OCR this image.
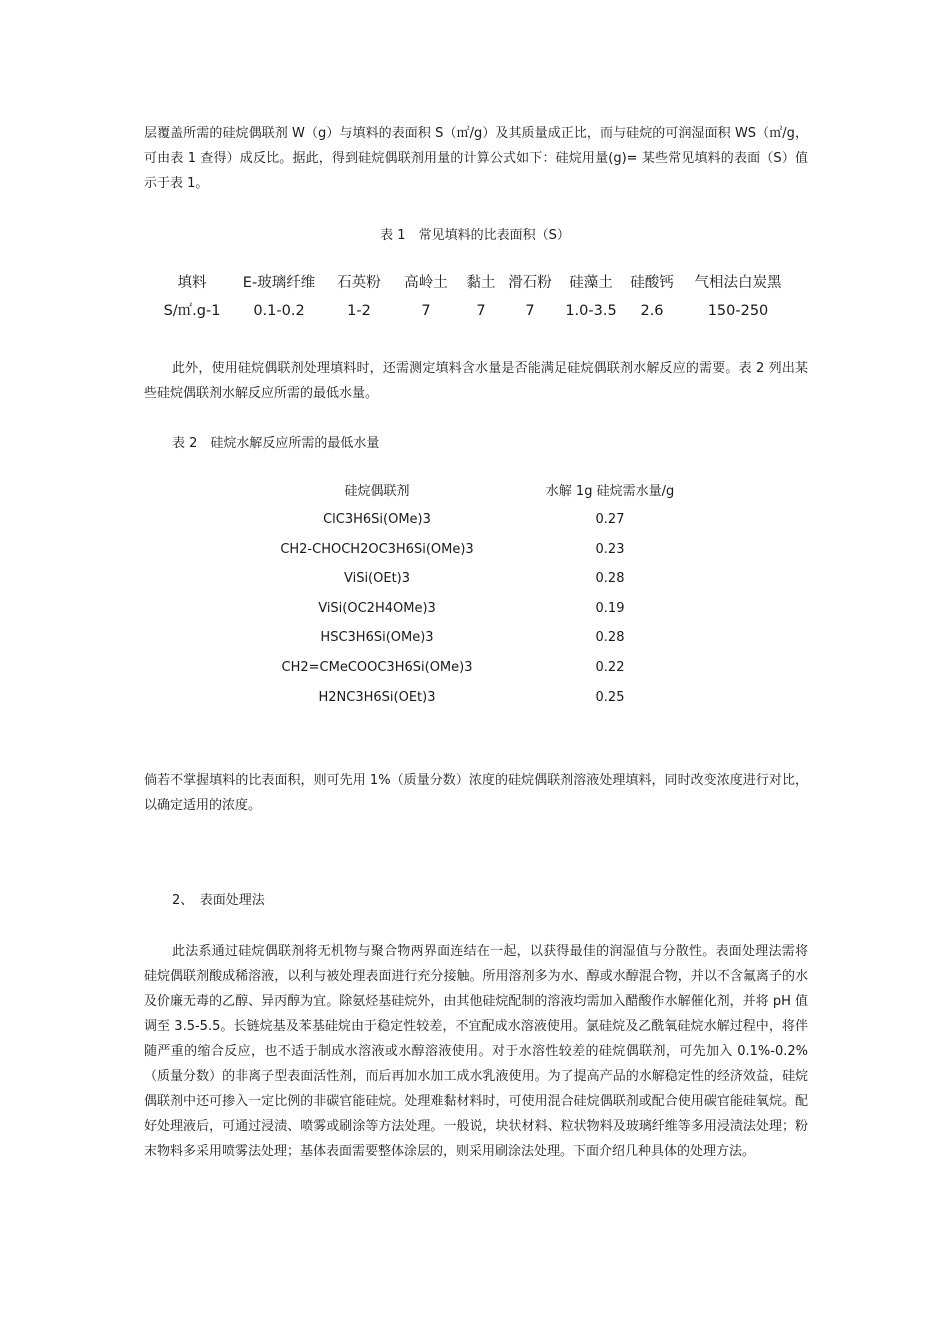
层覆盖所需的硅烷偶联剂 W（g）与填料的表面积 S（㎡/g）及其质量成正比，而与硅烷的可润湿面积 WS（㎡/g，可由表 1 查得）成反比。据此，得到硅烷偶联剂用量的计算公式如下：硅烷用量(g)= 某些常见填料的表面（S）值示于表 1。

表 1　常见填料的比表面积（S）
填料	E-玻璃纤维 石英粉 高岭土 黏土 滑石粉 硅藻土 硅酸钙 气相法白炭黑
S/㎡.g-1 0.1-0.2	1-2	7	7	7 1.0-3.5 2.6	150-250

此外，使用硅烷偶联剂处理填料时，还需测定填料含水量是否能满足硅烷偶联剂水解反应的需要。表 2 列出某些硅烷偶联剂水解反应所需的最低水量。

表 2　硅烷水解反应所需的最低水量
硅烷偶联剂	水解 1g 硅烷需水量/g
ClC3H6Si(OMe)3	0.27
CH2-CHOCH2OC3H6Si(OMe)3	0.23
ViSi(OEt)3	0.28
ViSi(OC2H4OMe)3	0.19
HSC3H6Si(OMe)3	0.28
CH2=CMeCOOC3H6Si(OMe)3	0.22
H2NC3H6Si(OEt)3	0.25

倘若不掌握填料的比表面积，则可先用 1%（质量分数）浓度的硅烷偶联剂溶液处理填料，同时改变浓度进行对比，以确定适用的浓度。

2、　表面处理法

此法系通过硅烷偶联剂将无机物与聚合物两界面连结在一起，以获得最佳的润湿值与分散性。表面处理法需将硅烷偶联剂酸成稀溶液，以利与被处理表面进行充分接触。所用溶剂多为水、醇或水醇混合物，并以不含氟离子的水及价廉无毒的乙醇、异丙醇为宜。除氨烃基硅烷外，由其他硅烷配制的溶液均需加入醋酸作水解催化剂，并将 pH 值调至 3.5-5.5。长链烷基及苯基硅烷由于稳定性较差，不宜配成水溶液使用。氯硅烷及乙酰氧硅烷水解过程中，将伴随严重的缩合反应，也不适于制成水溶液或水醇溶液使用。对于水溶性较差的硅烷偶联剂，可先加入 0.1%-0.2%（质量分数）的非离子型表面活性剂，而后再加水加工成水乳液使用。为了提高产品的水解稳定性的经济效益，硅烷偶联剂中还可掺入一定比例的非碳官能硅烷。处理难黏材料时，可使用混合硅烷偶联剂或配合使用碳官能硅氧烷。配好处理液后，可通过浸渍、喷雾或刷涂等方法处理。一般说，块状材料、粒状物料及玻璃纤维等多用浸渍法处理；粉末物料多采用喷雾法处理；基体表面需要整体涂层的，则采用刷涂法处理。下面介绍几种具体的处理方法。
